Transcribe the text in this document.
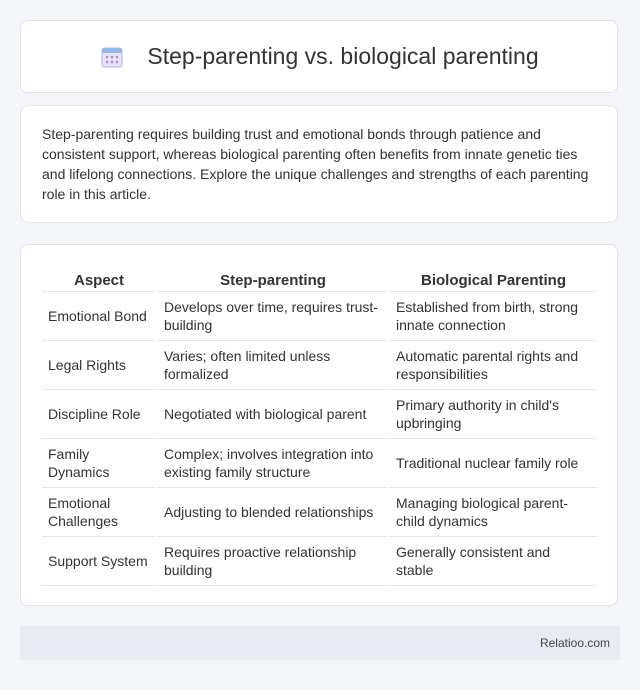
Step-parenting vs. biological parenting

Step-parenting requires building trust and emotional bonds through patience and consistent support, whereas biological parenting often benefits from innate genetic ties and lifelong connections. Explore the unique challenges and strengths of each parenting role in this article.

Aspect	Step-parenting	Biological Parenting
Emotional Bond	Develops over time, requires trust-building	Established from birth, strong innate connection
Legal Rights	Varies; often limited unless formalized	Automatic parental rights and responsibilities
Discipline Role	Negotiated with biological parent	Primary authority in child's upbringing
Family Dynamics	Complex; involves integration into existing family structure	Traditional nuclear family role
Emotional Challenges	Adjusting to blended relationships	Managing biological parent-child dynamics
Support System	Requires proactive relationship building	Generally consistent and stable
Relatioo.com
